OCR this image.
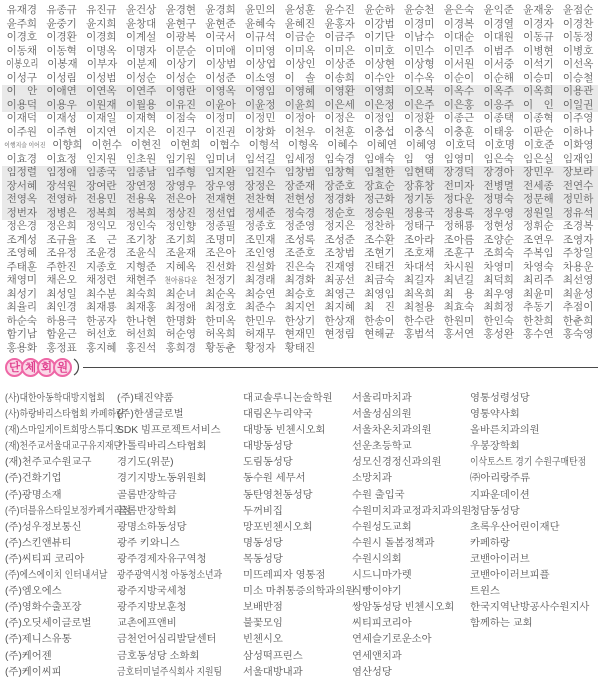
유재경 유종규 유진규 윤건상 윤경현 윤경희 윤민의 윤성훈 윤수진 윤순하 윤승천 윤은숙 윤익준 윤재웅 윤점순
윤주희 윤중기 윤지희 윤창대 윤현구 윤현준 윤혜숙 윤혜진 윤홍자 이강범 이경미 이경복 이경열 이경자 이경찬
이경호 이경환 이경희 이계설 이광복 이국서 이규석 이금순 이금주 이기단 이남수 이대순 이대원 이동규 이동정
이동채 이동혁 이명옥 이명자 이문순 이미애 이미영 이미옥 이미은 이미호 이민수 이민주 이범주 이병현 이병호
이봉오리 이봉재 이부자 이분제 이상기 이상범 이상엽 이상인 이상준 이상현 이상형 이서원 이서중 이석기 이선옥
이성구 이성림 이성범 이성순 이성순 이성준 이소영 이　솔 이송희 이수안 이수옥 이순이 이순해 이승미 이승철
이　안 이애연 이연옥 이연주 이영란 이영옥 이영임 이영혜 이영환 이영희 이오복 이옥수 이옥주 이옥희 이용관
이용덕 이용우 이원재 이월용 이유진 이윤아 이윤정 이윤희 이은세 이은정 이은주 이은홍 이응주 이　인 이일권
이재덕 이재성 이재일 이재혁 이점숙 이정미 이정민 이정아 이정은 이정임 이정환 이종근 이종택 이종혁 이주영
이주원 이주현 이지연 이지은 이진구 이진권 이창화 이천우 이천훈 이충섭 이충식 이충훈 이태웅 이판순 이하나
이행지슬 이어진 이향희 이헌수 이현진 이현희 이협수 이형석 이형옥 이혜수 이혜연 이혜영 이호덕 이호명 이호준 이화영
이효경 이효정 인지원 인초원 임기원 임미녀 임석길 임세정 임숙경 임애숙 임　영 임영미 임은숙 임은실 임재임
임정렬 임정애 임종국 임종남 임주형 임지완 임진수 임창범 임창혁 임철한 임현택 장경덕 장경아 장민우 장보라
장서혜 장석원 장여란 장연정 장영우 장우영 장정은 장준재 장준호 장효순 장휴창 전미자 전병멸 전세종 전연수
전영옥 전영하 전용민 전용욱 전은아 전재현 전찬혁 전현성 정경화 정근화 정기동 정다운 정명숙 정문해 정민하
정번자 정병은 정복희 정복희 정상진 정선엽 정세준 정숙경 정순호 정승원 정용국 정용록 정우영 정원일 정유석
정은경 정은희 정익모 정인숙 정인향 정종필 정종호 정준영 정지은 정찬하 정태구 정해룡 정현성 정휘순 조경복
조계성 조규율 조　근 조기창 조기희 조명미 조민재 조성록 조성준 조수환 조아라 조아름 조양순 조연우 조영자
조영혜 조유정 조윤경 조윤식 조윤재 조은아 조인영 조준호 조창범 조현기 조호채 조훈구 조희숙 주복임 주창일
주태훈 주한진 지종호 지형준 지혜옥 진선화 진설화 진은숙 진재영 진태건 차대석 차시원 차영미 차영숙 차용운
채영미 채은오 채정련 채현주	천아름다운 천정기 최경래 최경화 최공선 최금숙 최길자 최년길 최덕희 최리주 최선영
최성기 최성일 최수분 최숙희 최순녀 최순옥 최승연 최승호 최영근 최영임 최옥희 최　용 최우영 최윤미 최윤성
최율리 최인경 최재룡 최재홍 최정애 최정호 최준수 최지언 최지혜 최　진 최철용 최효숙 최희정 추동기 추점이
하순숙 하용극 한공자 한나현 한명화 한미옥 한민우 한상기 한상재 한송이 한수란 한원미 한인숙 한찬희 한춘희
함기남 함윤근 허선호 허선희 허순영 허옥희 허재무 현재민 현정림 현해균 홍범석 홍서연 홍성완 홍수연 홍숙영
홍용화 홍정표 홍지혜 홍진석 홍희경 황동춘 황정자 황태진
단 체 회 원
(사)대한아동학대방지협회
(사)하랑바리스타협회 카페하랑
(재)스마일게이트희망스튜디오
(재)천주교서울대교구유지재단
(재)천주교수원교구
(주)건화기업
(주)광명소재
(주)더블유스타일보정카페거리점
(주)성우정보통신
(주)스킨앤뷰티
(주)씨티피 코리아
(주)에스에이치 인터내셔날
(주)엠오에스
(주)영화수출포장
(주)오딧세이글로벌
(주)제니스유통
(주)케어젠
(주)케이씨피
(주)태진약품
(주)한샘글로벌
SDK 빔프로젝트서비스
가톨릭바리스타협회
경기도(위문)
경기지방노동위원회
골롬반장학금
골롬반장학회
광명소하동성당
광주 키와니스
광주경제자유구역청
광주광역시청 아동청소년과
광주지방국세청
광주지방보훈청
교촌에프앤비
금천언어심리발달센터
금호동성당 소화회
금호터미널주식회사 지원팀
대교솔루니논술학원
대림온누리약국
대방동 빈첸시오회
대방동성당
도림동성당
동수원 세무서
동탄영천동성당
두꺼비집
망포빈첸시오회
명동성당
목동성당
미뜨레피자 영통점
미소 마취통증의학과의원
보배반점
불꽃모임
빈첸시오
삼성떡프린스
서울대방내과
서울리마치과
서울성심의원
서울차온치과의원
선운초등학교
성모신경정신과의원
소망치과
수원 출입국
수원미치과교정과치과의원
수원성도교회
수원시 돌봄정책과
수원시의회
시드니마가렛
식빵이야기
쌍암동성당 빈첸시오회
씨티피코리아
연세슬기로운소아
연세앤치과
염산성당
영통성령성당
영통약사회
올바른치과의원
우봉장학회
이삭토스트 경기 수원구매탄점
㈜아리랑주류
지파운데이션
청담동성당
초록우산어린이재단
카페하랑
코밴아이러브
코밴아이러브피플
트윈스
한국지역난방공사수원지사
함께하는 교회
